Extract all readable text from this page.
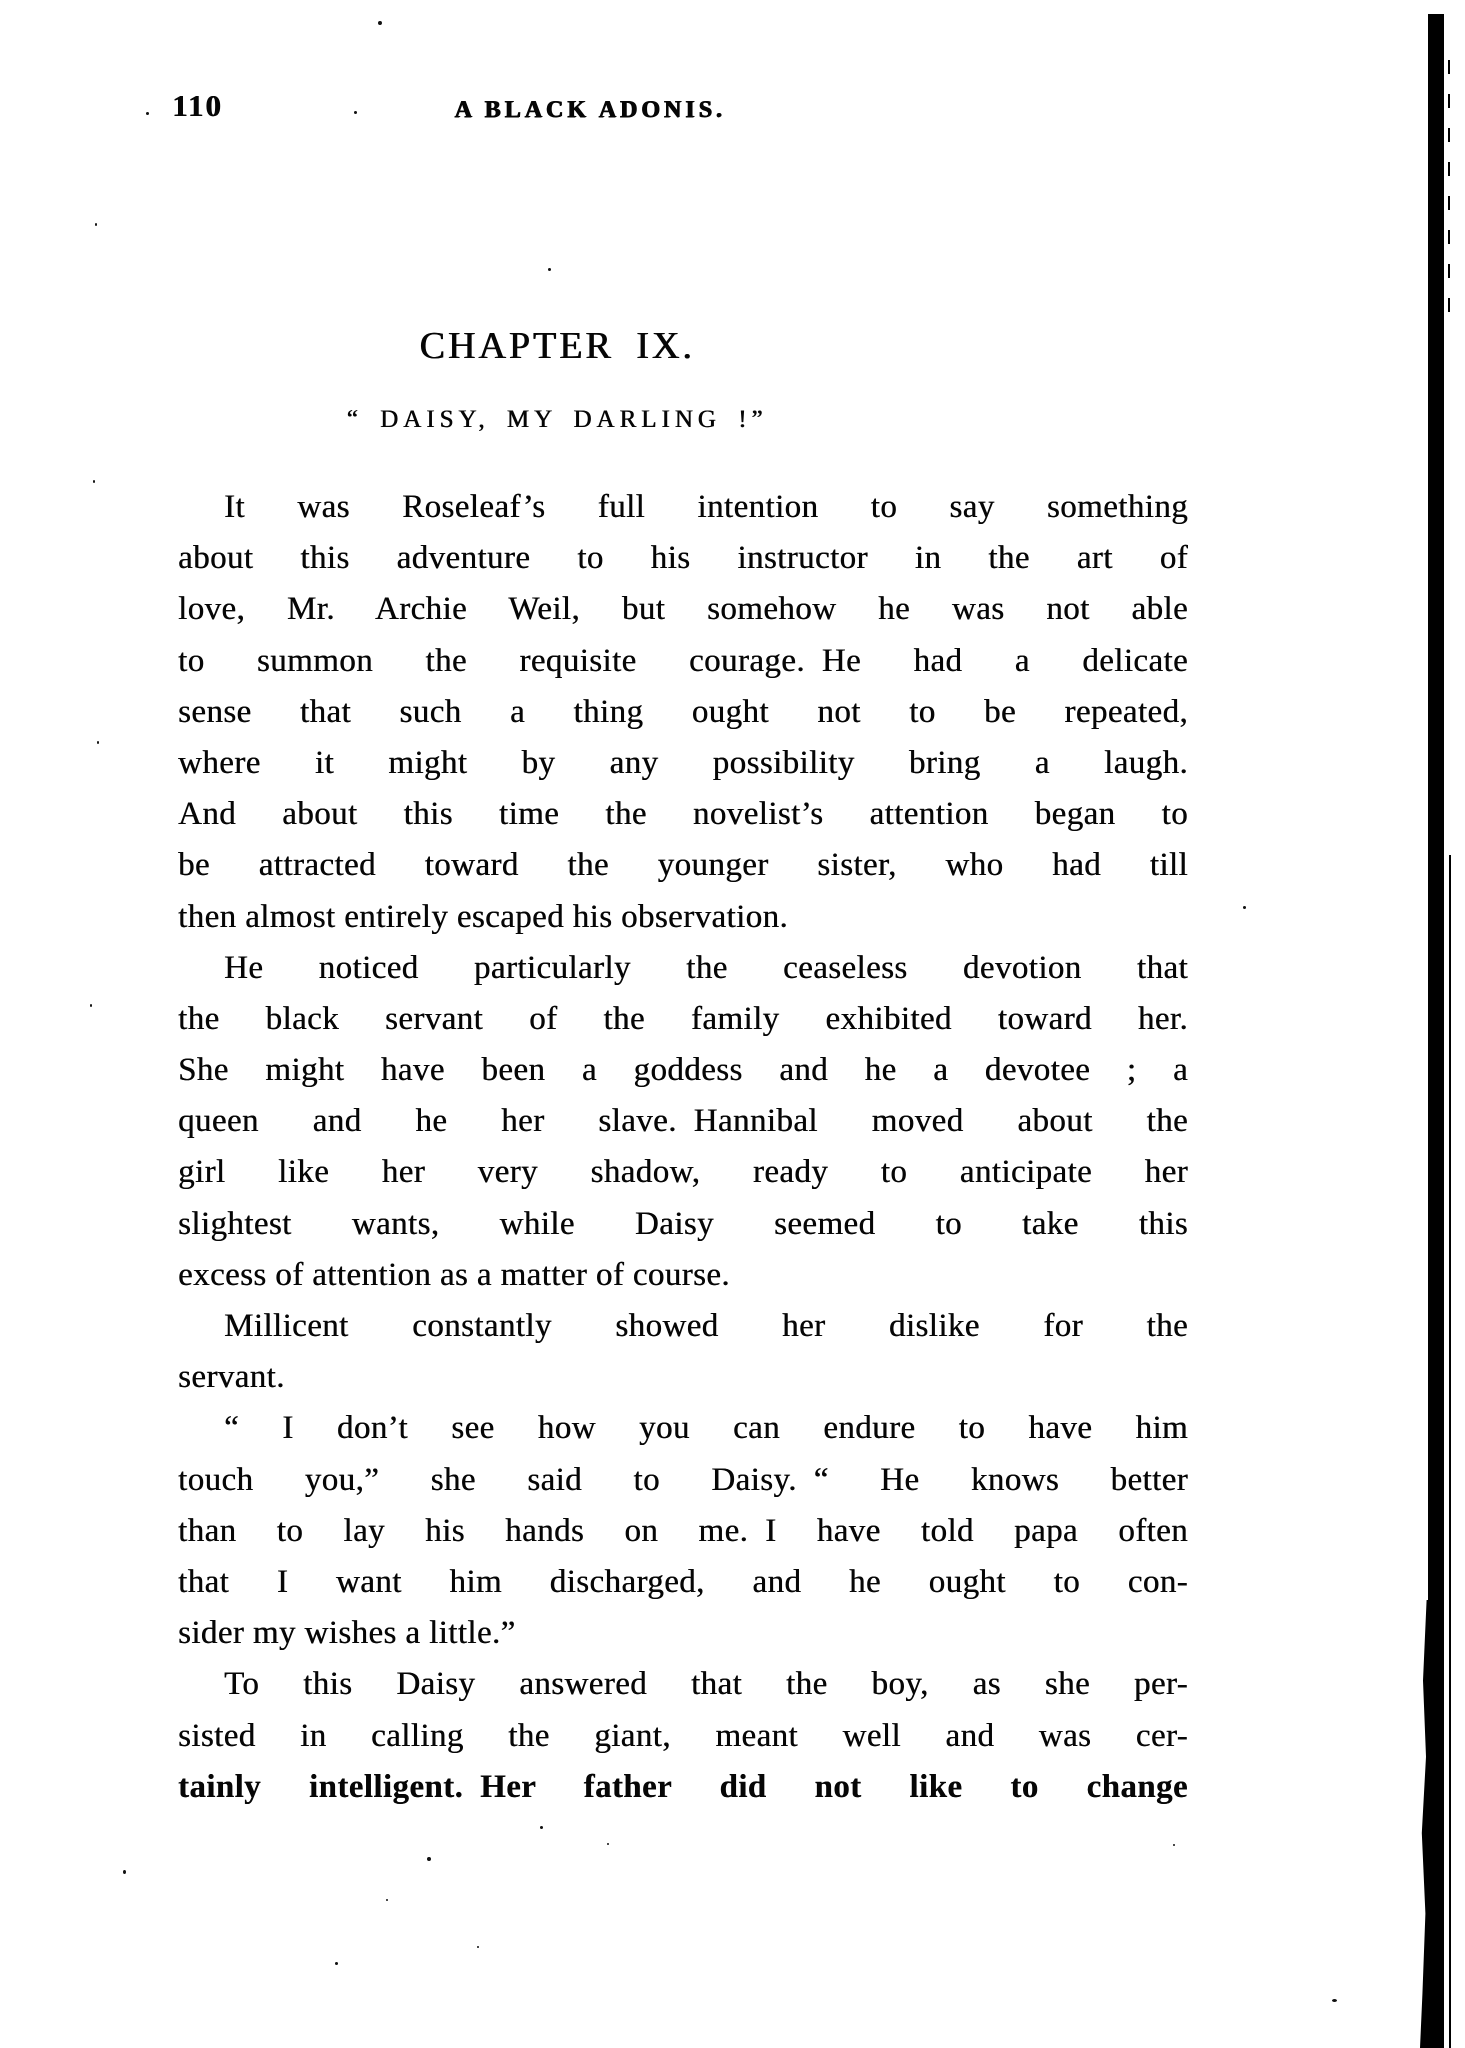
110	A BLACK ADONIS.
CHAPTER IX.
“ DAISY, MY DARLING !”
It was Roseleaf’s full intention to say something
about this adventure to his instructor in the art of
love, Mr. Archie Weil, but somehow he was not able
to summon the requisite courage. He had a delicate
sense that such a thing ought not to be repeated,
where it might by any possibility bring a laugh.
And about this time the novelist’s attention began to
be attracted toward the younger sister, who had till
then almost entirely escaped his observation.
He noticed particularly the ceaseless devotion that
the black servant of the family exhibited toward her.
She might have been a goddess and he a devotee ; a
queen and he her slave. Hannibal moved about the
girl like her very shadow, ready to anticipate her
slightest wants, while Daisy seemed to take this
excess of attention as a matter of course.
Millicent constantly showed her dislike for the
servant.
“ I don’t see how you can endure to have him
touch you,” she said to Daisy. “ He knows better
than to lay his hands on me. I have told papa often
that I want him discharged, and he ought to con-
sider my wishes a little.”
To this Daisy answered that the boy, as she per-
sisted in calling the giant, meant well and was cer-
tainly intelligent. Her father did not like to change
